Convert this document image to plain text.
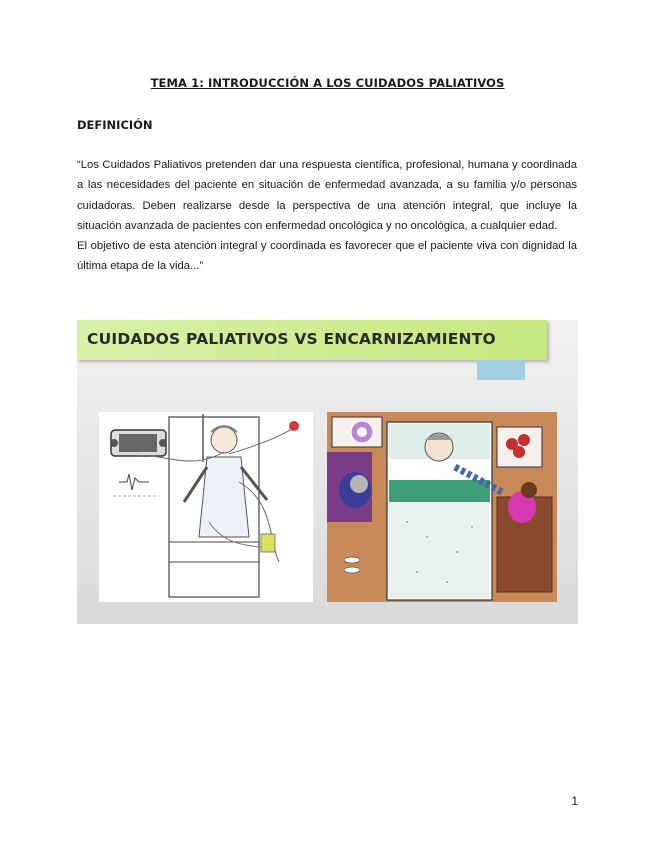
TEMA 1: INTRODUCCIÓN A LOS CUIDADOS PALIATIVOS
DEFINICIÓN

“Los Cuidados Paliativos pretenden dar una respuesta científica, profesional, humana y coordinada a las necesidades del paciente en situación de enfermedad avanzada, a su familia y/o personas cuidadoras. Deben realizarse desde la perspectiva de una atención integral, que incluye la situación avanzada de pacientes con enfermedad oncológica y no oncológica, a cualquier edad.

El objetivo de esta atención integral y coordinada es favorecer que el paciente viva con dignidad la última etapa de la vida...”

CUIDADOS PALIATIVOS VS ENCARNIZAMIENTO
1
